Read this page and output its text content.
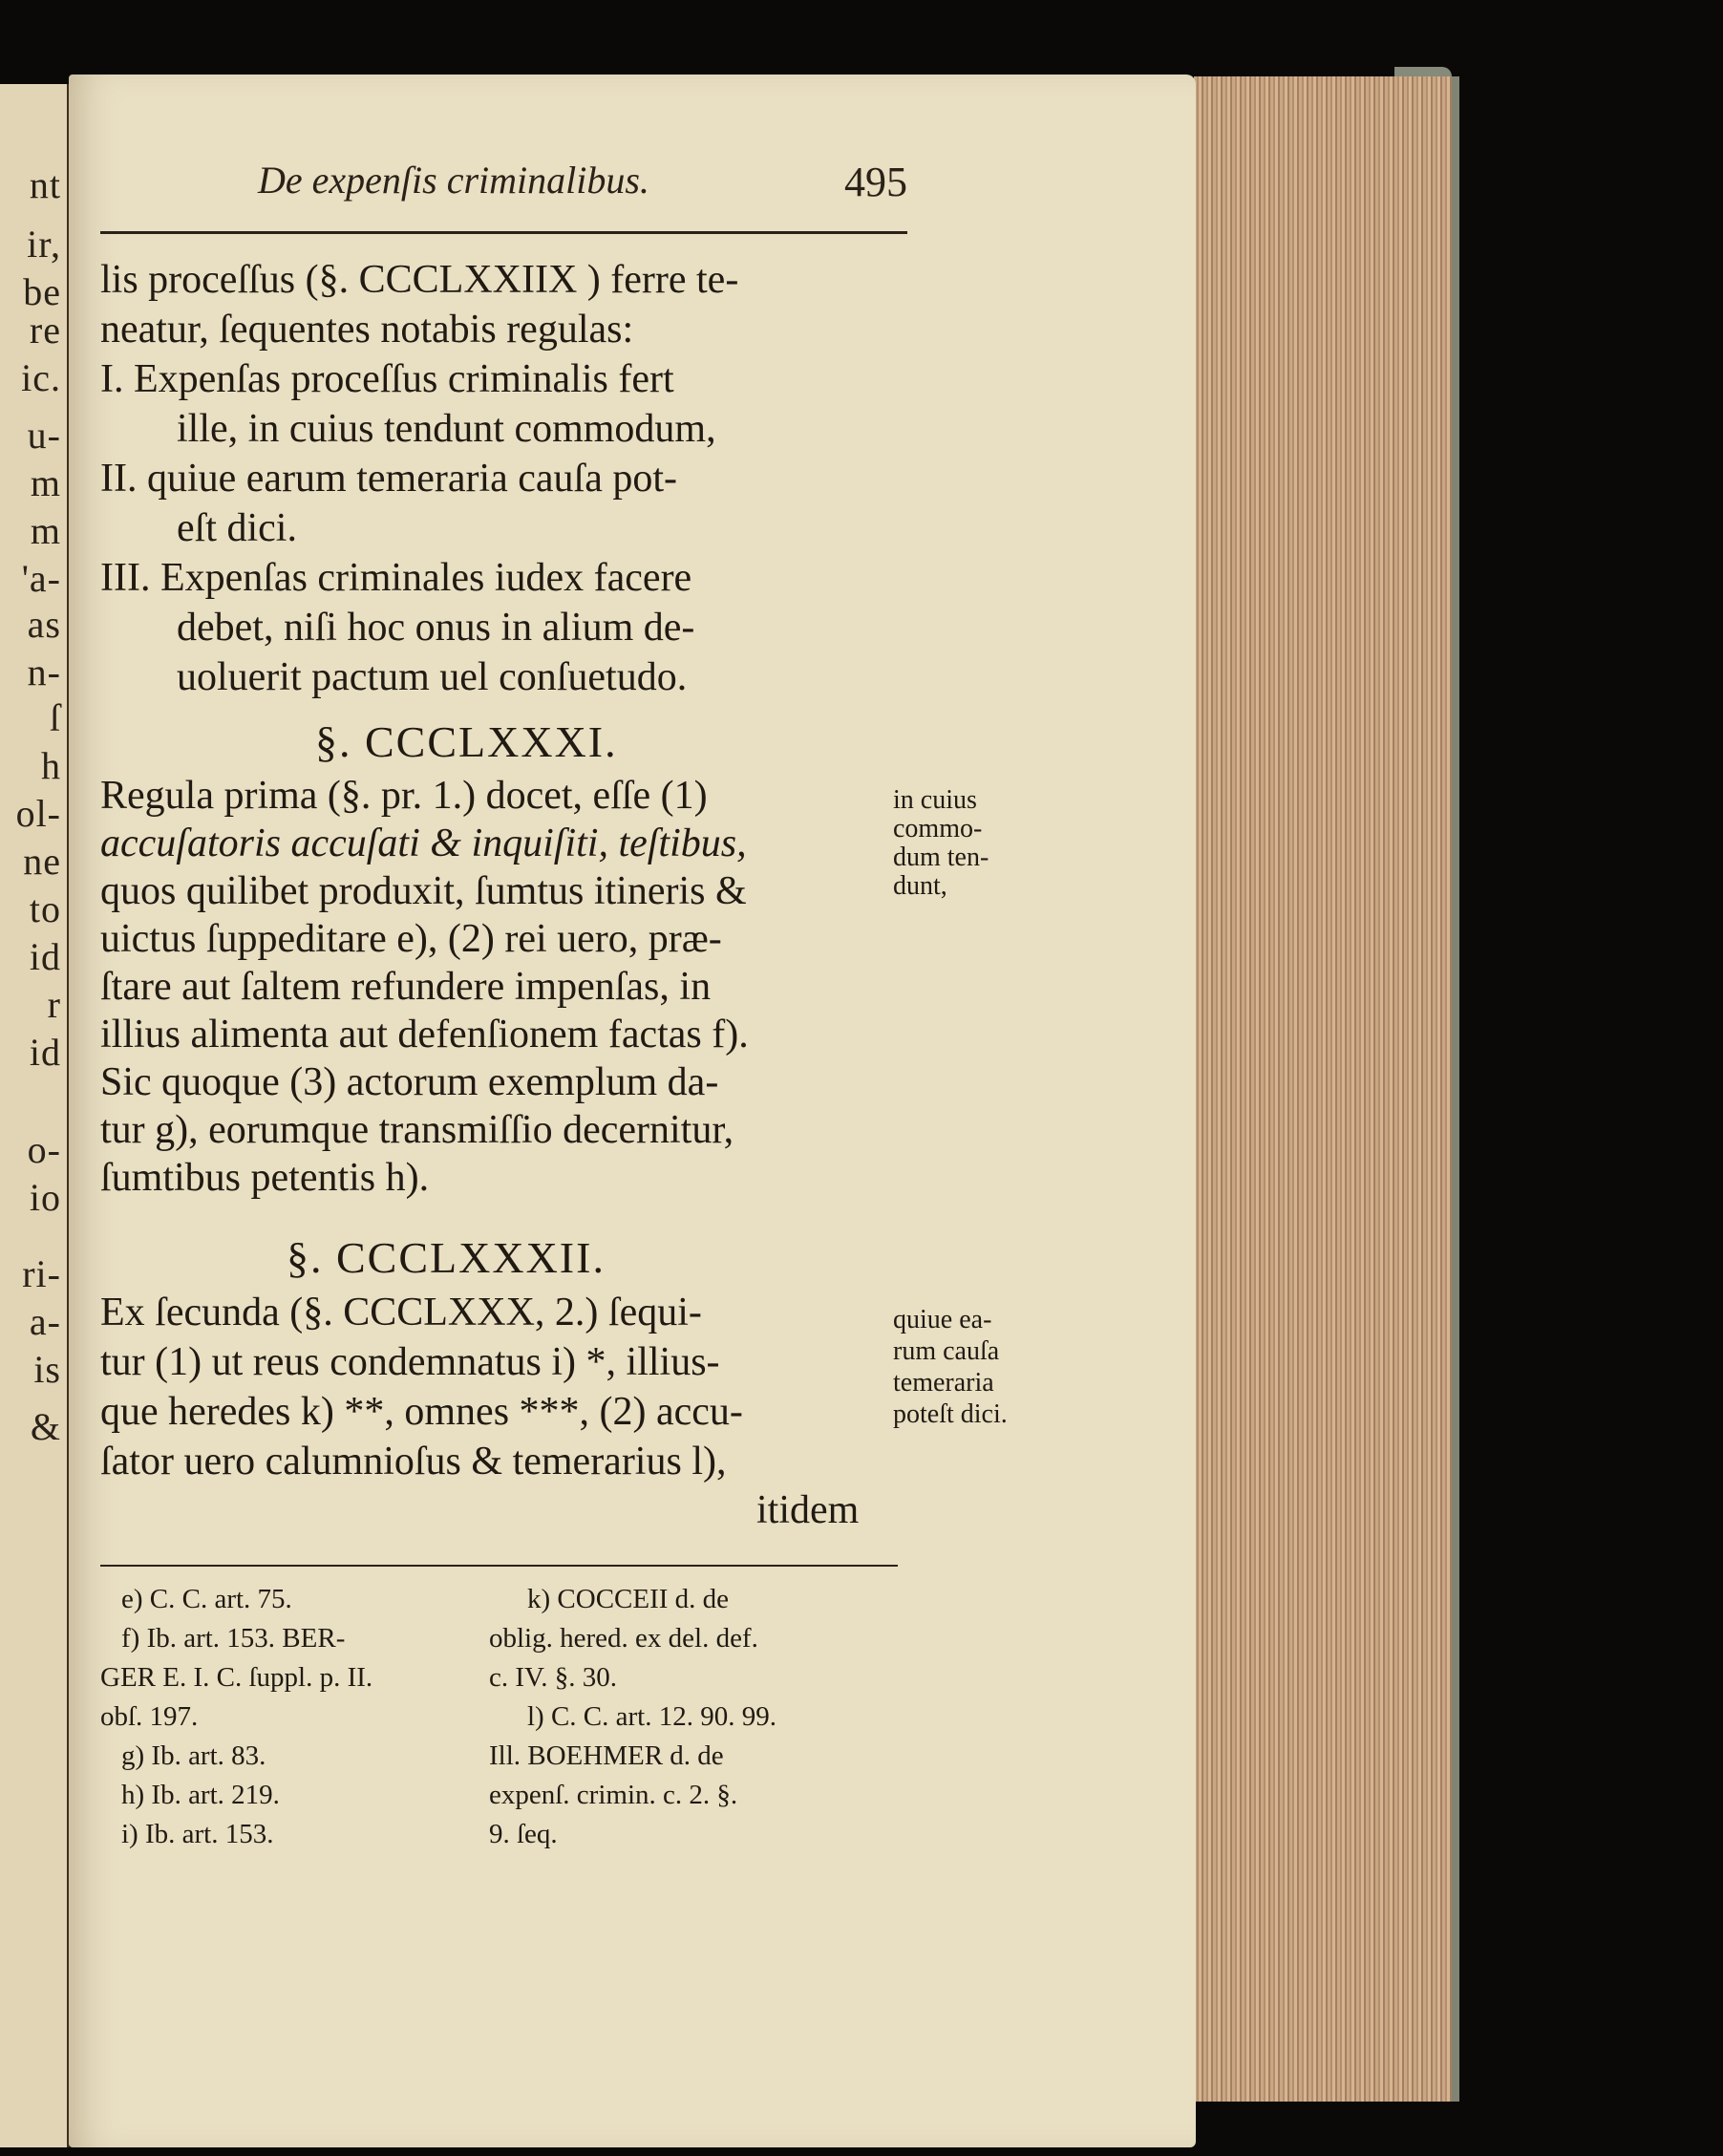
nt
ir,
be
re
ic.
u-
m
m
'a-
as
n-
ſ
h
ol-
ne
to
id
r
id
o-
io
ri-
a-
is
&
De expenſis criminalibus.	495
lis proceſſus (§. CCCLXXIIX ) ferre te-
neatur, ſequentes notabis regulas:
I. Expenſas proceſſus criminalis fert
ille, in cuius tendunt commodum,
II. quiue earum temeraria cauſa pot-
eſt dici.
III. Expenſas criminales iudex facere
debet, niſi hoc onus in alium de-
uoluerit pactum uel conſuetudo.
§. CCCLXXXI.
Regula prima (§. pr. 1.) docet, eſſe (1)
accuſatoris accuſati & inquiſiti, teſtibus,
quos quilibet produxit, ſumtus itineris &
uictus ſuppeditare e), (2) rei uero, præ-
ſtare aut ſaltem refundere impenſas, in
illius alimenta aut defenſionem factas f).
Sic quoque (3) actorum exemplum da-
tur g), eorumque transmiſſio decernitur,
ſumtibus petentis h).
in cuius
commo-
dum ten-
dunt,
§. CCCLXXXII.
Ex ſecunda (§. CCCLXXX, 2.) ſequi-
tur (1) ut reus condemnatus i) *, illius-
que heredes k) **, omnes ***, (2) accu-
ſator uero calumnioſus & temerarius l),
itidem
quiue ea-
rum cauſa
temeraria
poteſt dici.
e) C. C. art. 75.
f) Ib. art. 153. BER-
GER E. I. C. ſuppl. p. II.
obſ. 197.
g) Ib. art. 83.
h) Ib. art. 219.
i) Ib. art. 153.
k) COCCEII d. de
oblig. hered. ex del. def.
c. IV. §. 30.
l) C. C. art. 12. 90. 99.
Ill. BOEHMER d. de
expenſ. crimin. c. 2. §.
9. ſeq.
